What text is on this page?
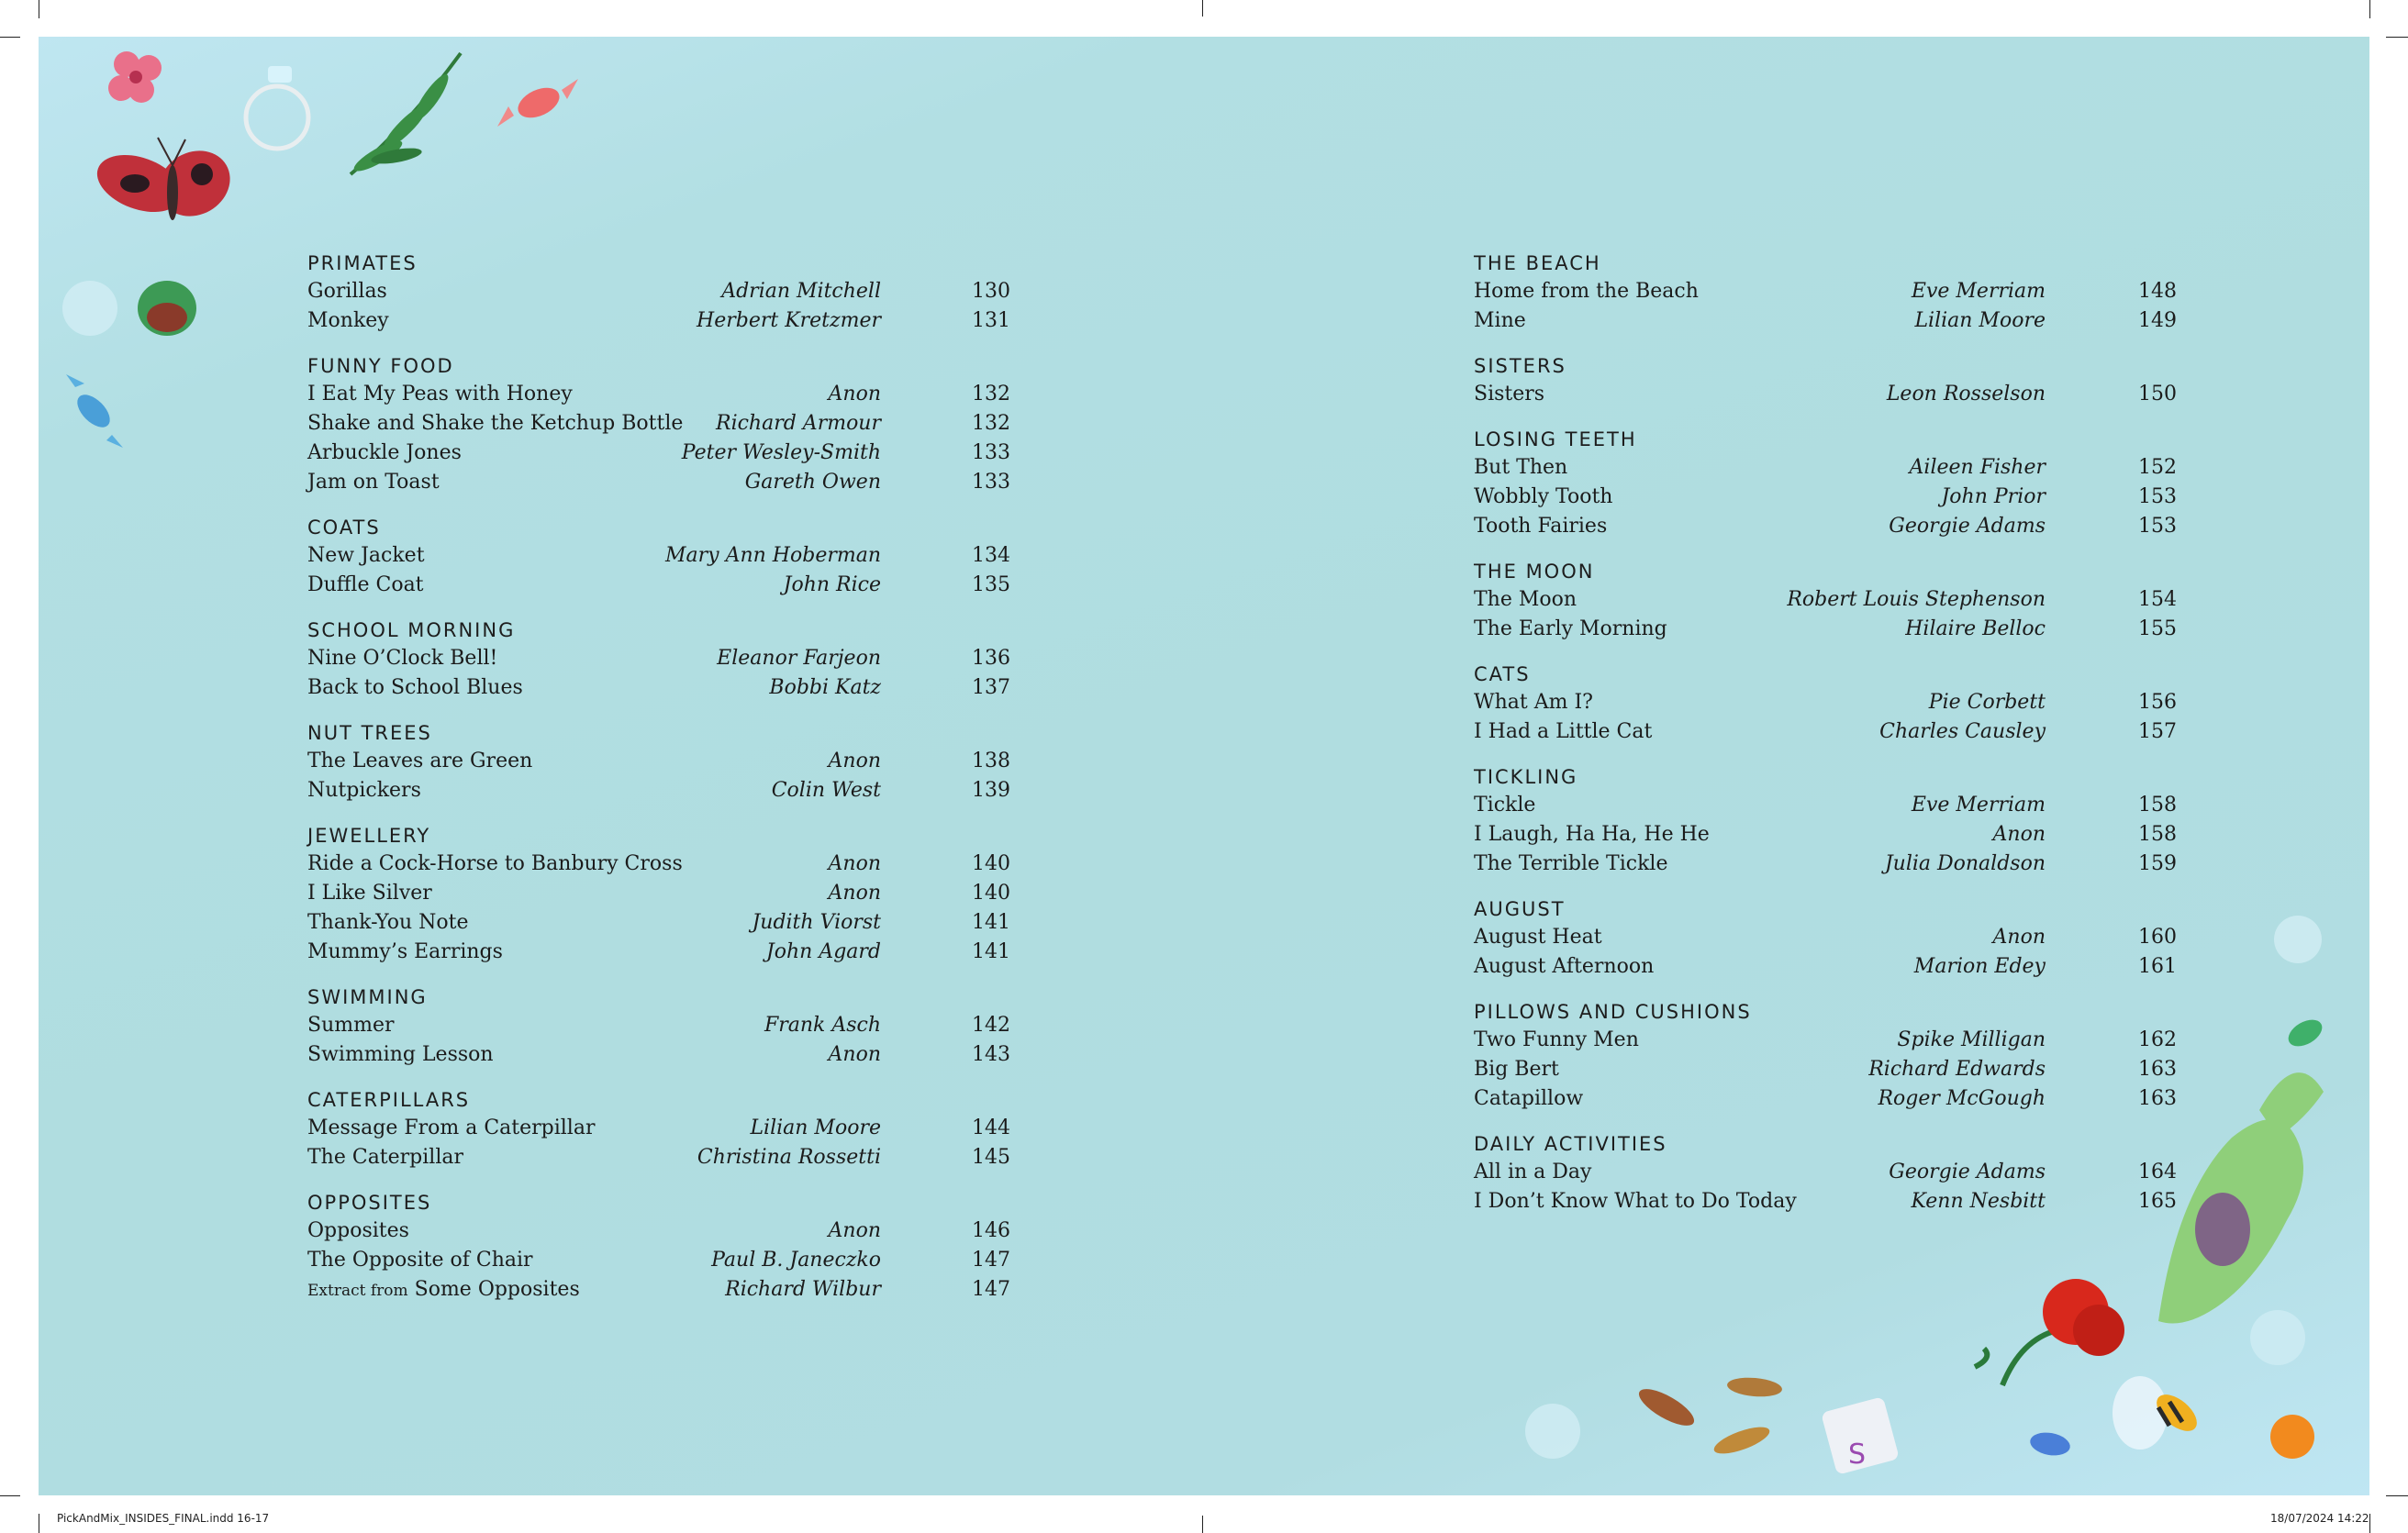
S
PRIMATES
Gorillas	Adrian Mitchell	130
Monkey	Herbert Kretzmer	131
FUNNY FOOD
I Eat My Peas with Honey	Anon	132
Shake and Shake the Ketchup Bottle	Richard Armour	132
Arbuckle Jones	Peter Wesley-Smith	133
Jam on Toast	Gareth Owen	133
COATS
New Jacket	Mary Ann Hoberman	134
Duffle Coat	John Rice	135
SCHOOL MORNING
Nine O’Clock Bell!	Eleanor Farjeon	136
Back to School Blues	Bobbi Katz	137
NUT TREES
The Leaves are Green	Anon	138
Nutpickers	Colin West	139
JEWELLERY
Ride a Cock-Horse to Banbury Cross	Anon	140
I Like Silver	Anon	140
Thank-You Note	Judith Viorst	141
Mummy’s Earrings	John Agard	141
SWIMMING
Summer	Frank Asch	142
Swimming Lesson	Anon	143
CATERPILLARS
Message From a Caterpillar	Lilian Moore	144
The Caterpillar	Christina Rossetti	145
OPPOSITES
Opposites	Anon	146
The Opposite of Chair	Paul B. Janeczko	147
Extract from Some Opposites	Richard Wilbur	147
THE BEACH
Home from the Beach	Eve Merriam	148
Mine	Lilian Moore	149
SISTERS
Sisters	Leon Rosselson	150
LOSING TEETH
But Then	Aileen Fisher	152
Wobbly Tooth	John Prior	153
Tooth Fairies	Georgie Adams	153
THE MOON
The Moon	Robert Louis Stephenson	154
The Early Morning	Hilaire Belloc	155
CATS
What Am I?	Pie Corbett	156
I Had a Little Cat	Charles Causley	157
TICKLING
Tickle	Eve Merriam	158
I Laugh, Ha Ha, He He	Anon	158
The Terrible Tickle	Julia Donaldson	159
AUGUST
August Heat	Anon	160
August Afternoon	Marion Edey	161
PILLOWS AND CUSHIONS
Two Funny Men	Spike Milligan	162
Big Bert	Richard Edwards	163
Catapillow	Roger McGough	163
DAILY ACTIVITIES
All in a Day	Georgie Adams	164
I Don’t Know What to Do Today	Kenn Nesbitt	165
PickAndMix_INSIDES_FINAL.indd 16-17	18/07/2024 14:22
